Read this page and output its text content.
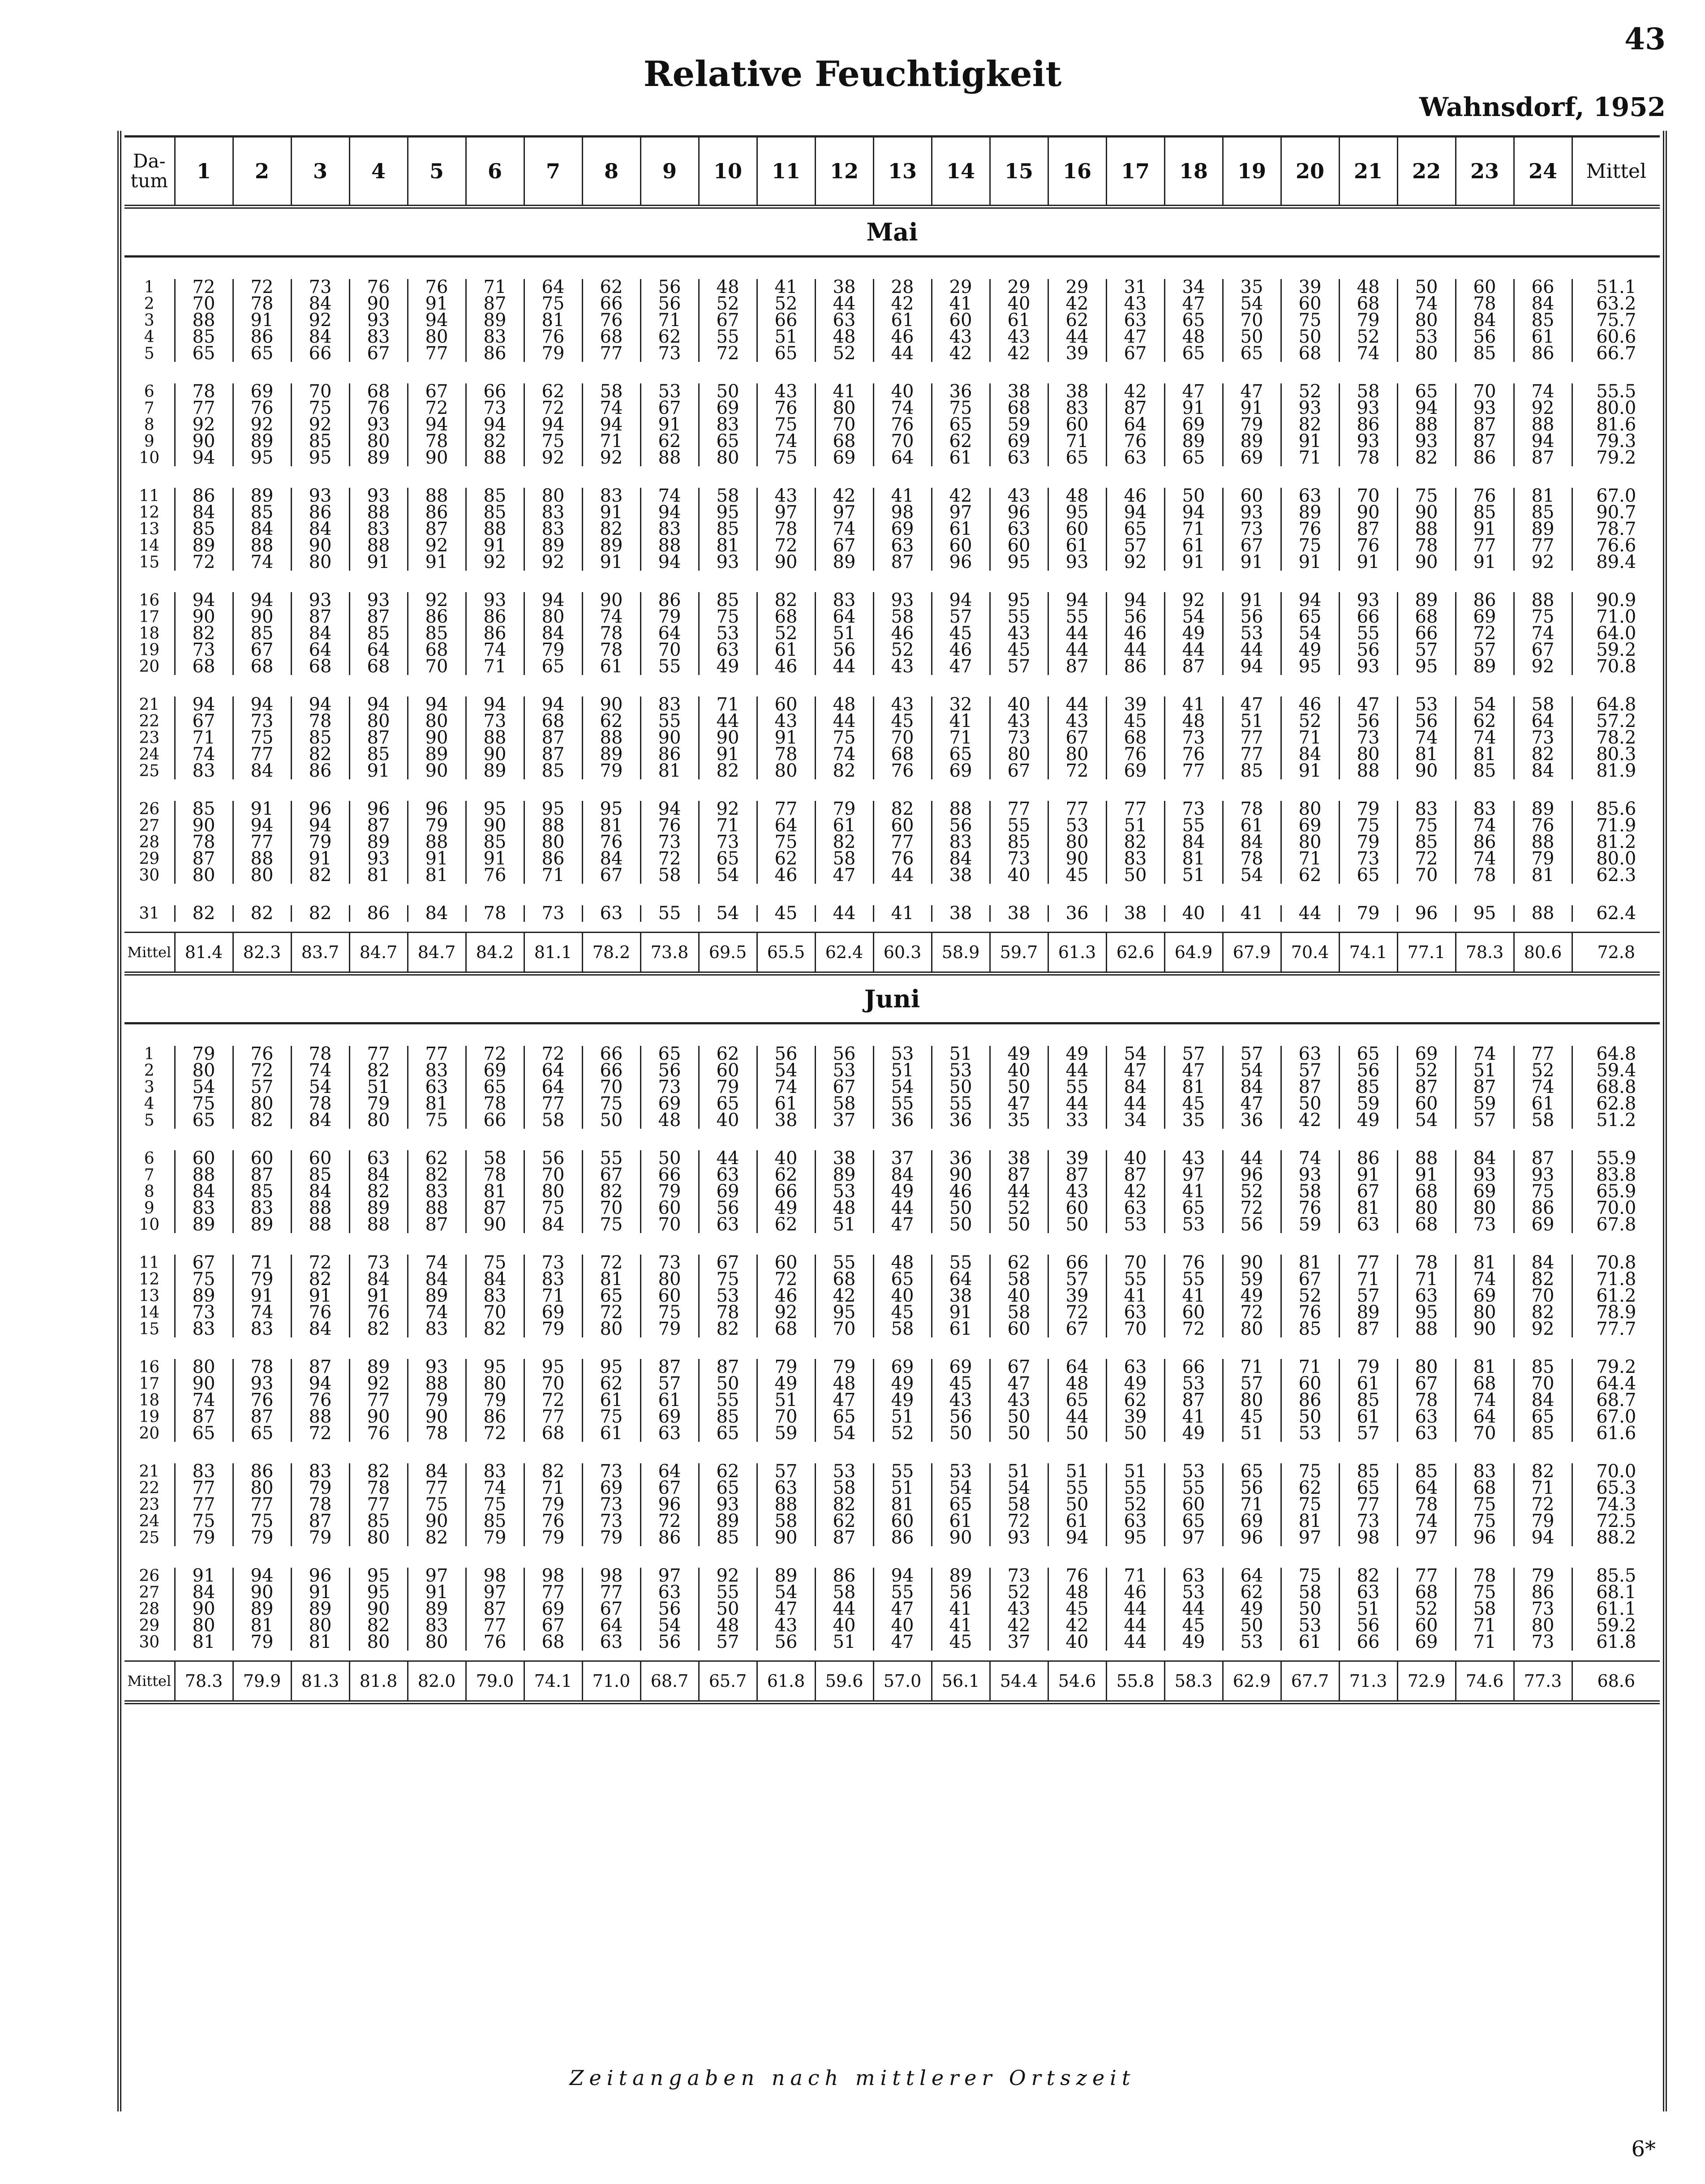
43
Relative Feuchtigkeit
Wahnsdorf, 1952
Da-
tum	1	2	3	4	5	6	7	8	9	10	11	12	13	14	15	16	17	18	19	20	21	22	23	24	Mittel
Mai																									

1	72	72	73	76	76	71	64	62	56	48	41	38	28	29	29	29	31	34	35	39	48	50	60	66	51.1
2	70	78	84	90	91	87	75	66	56	52	52	44	42	41	40	42	43	47	54	60	68	74	78	84	63.2
3	88	91	92	93	94	89	81	76	71	67	66	63	61	60	61	62	63	65	70	75	79	80	84	85	75.7
4	85	86	84	83	80	83	76	68	62	55	51	48	46	43	43	44	47	48	50	50	52	53	56	61	60.6
5	65	65	66	67	77	86	79	77	73	72	65	52	44	42	42	39	67	65	65	68	74	80	85	86	66.7

6	78	69	70	68	67	66	62	58	53	50	43	41	40	36	38	38	42	47	47	52	58	65	70	74	55.5
7	77	76	75	76	72	73	72	74	67	69	76	80	74	75	68	83	87	91	91	93	93	94	93	92	80.0
8	92	92	92	93	94	94	94	94	91	83	75	70	76	65	59	60	64	69	79	82	86	88	87	88	81.6
9	90	89	85	80	78	82	75	71	62	65	74	68	70	62	69	71	76	89	89	91	93	93	87	94	79.3
10	94	95	95	89	90	88	92	92	88	80	75	69	64	61	63	65	63	65	69	71	78	82	86	87	79.2

11	86	89	93	93	88	85	80	83	74	58	43	42	41	42	43	48	46	50	60	63	70	75	76	81	67.0
12	84	85	86	88	86	85	83	91	94	95	97	97	98	97	96	95	94	94	93	89	90	90	85	85	90.7
13	85	84	84	83	87	88	83	82	83	85	78	74	69	61	63	60	65	71	73	76	87	88	91	89	78.7
14	89	88	90	88	92	91	89	89	88	81	72	67	63	60	60	61	57	61	67	75	76	78	77	77	76.6
15	72	74	80	91	91	92	92	91	94	93	90	89	87	96	95	93	92	91	91	91	91	90	91	92	89.4

16	94	94	93	93	92	93	94	90	86	85	82	83	93	94	95	94	94	92	91	94	93	89	86	88	90.9
17	90	90	87	87	86	86	80	74	79	75	68	64	58	57	55	55	56	54	56	65	66	68	69	75	71.0
18	82	85	84	85	85	86	84	78	64	53	52	51	46	45	43	44	46	49	53	54	55	66	72	74	64.0
19	73	67	64	64	68	74	79	78	70	63	61	56	52	46	45	44	44	44	44	49	56	57	57	67	59.2
20	68	68	68	68	70	71	65	61	55	49	46	44	43	47	57	87	86	87	94	95	93	95	89	92	70.8

21	94	94	94	94	94	94	94	90	83	71	60	48	43	32	40	44	39	41	47	46	47	53	54	58	64.8
22	67	73	78	80	80	73	68	62	55	44	43	44	45	41	43	43	45	48	51	52	56	56	62	64	57.2
23	71	75	85	87	90	88	87	88	90	90	91	75	70	71	73	67	68	73	77	71	73	74	74	73	78.2
24	74	77	82	85	89	90	87	89	86	91	78	74	68	65	80	80	76	76	77	84	80	81	81	82	80.3
25	83	84	86	91	90	89	85	79	81	82	80	82	76	69	67	72	69	77	85	91	88	90	85	84	81.9

26	85	91	96	96	96	95	95	95	94	92	77	79	82	88	77	77	77	73	78	80	79	83	83	89	85.6
27	90	94	94	87	79	90	88	81	76	71	64	61	60	56	55	53	51	55	61	69	75	75	74	76	71.9
28	78	77	79	89	88	85	80	76	73	73	75	82	77	83	85	80	82	84	84	80	79	85	86	88	81.2
29	87	88	91	93	91	91	86	84	72	65	62	58	76	84	73	90	83	81	78	71	73	72	74	79	80.0
30	80	80	82	81	81	76	71	67	58	54	46	47	44	38	40	45	50	51	54	62	65	70	78	81	62.3

31	82	82	82	86	84	78	73	63	55	54	45	44	41	38	38	36	38	40	41	44	79	96	95	88	62.4

Mittel	81.4	82.3	83.7	84.7	84.7	84.2	81.1	78.2	73.8	69.5	65.5	62.4	60.3	58.9	59.7	61.3	62.6	64.9	67.9	70.4	74.1	77.1	78.3	80.6	72.8
Juni																									

1	79	76	78	77	77	72	72	66	65	62	56	56	53	51	49	49	54	57	57	63	65	69	74	77	64.8
2	80	72	74	82	83	69	64	66	56	60	54	53	51	53	40	44	47	47	54	57	56	52	51	52	59.4
3	54	57	54	51	63	65	64	70	73	79	74	67	54	50	50	55	84	81	84	87	85	87	87	74	68.8
4	75	80	78	79	81	78	77	75	69	65	61	58	55	55	47	44	44	45	47	50	59	60	59	61	62.8
5	65	82	84	80	75	66	58	50	48	40	38	37	36	36	35	33	34	35	36	42	49	54	57	58	51.2

6	60	60	60	63	62	58	56	55	50	44	40	38	37	36	38	39	40	43	44	74	86	88	84	87	55.9
7	88	87	85	84	82	78	70	67	66	63	62	89	84	90	87	87	87	97	96	93	91	91	93	93	83.8
8	84	85	84	82	83	81	80	82	79	69	66	53	49	46	44	43	42	41	52	58	67	68	69	75	65.9
9	83	83	88	89	88	87	75	70	60	56	49	48	44	50	52	60	63	65	72	76	81	80	80	86	70.0
10	89	89	88	88	87	90	84	75	70	63	62	51	47	50	50	50	53	53	56	59	63	68	73	69	67.8

11	67	71	72	73	74	75	73	72	73	67	60	55	48	55	62	66	70	76	90	81	77	78	81	84	70.8
12	75	79	82	84	84	84	83	81	80	75	72	68	65	64	58	57	55	55	59	67	71	71	74	82	71.8
13	89	91	91	91	89	83	71	65	60	53	46	42	40	38	40	39	41	41	49	52	57	63	69	70	61.2
14	73	74	76	76	74	70	69	72	75	78	92	95	45	91	58	72	63	60	72	76	89	95	80	82	78.9
15	83	83	84	82	83	82	79	80	79	82	68	70	58	61	60	67	70	72	80	85	87	88	90	92	77.7

16	80	78	87	89	93	95	95	95	87	87	79	79	69	69	67	64	63	66	71	71	79	80	81	85	79.2
17	90	93	94	92	88	80	70	62	57	50	49	48	49	45	47	48	49	53	57	60	61	67	68	70	64.4
18	74	76	76	77	79	79	72	61	61	55	51	47	49	43	43	65	62	87	80	86	85	78	74	84	68.7
19	87	87	88	90	90	86	77	75	69	85	70	65	51	56	50	44	39	41	45	50	61	63	64	65	67.0
20	65	65	72	76	78	72	68	61	63	65	59	54	52	50	50	50	50	49	51	53	57	63	70	85	61.6

21	83	86	83	82	84	83	82	73	64	62	57	53	55	53	51	51	51	53	65	75	85	85	83	82	70.0
22	77	80	79	78	77	74	71	69	67	65	63	58	51	54	54	55	55	55	56	62	65	64	68	71	65.3
23	77	77	78	77	75	75	79	73	96	93	88	82	81	65	58	50	52	60	71	75	77	78	75	72	74.3
24	75	75	87	85	90	85	76	73	72	89	58	62	60	61	72	61	63	65	69	81	73	74	75	79	72.5
25	79	79	79	80	82	79	79	79	86	85	90	87	86	90	93	94	95	97	96	97	98	97	96	94	88.2

26	91	94	96	95	97	98	98	98	97	92	89	86	94	89	73	76	71	63	64	75	82	77	78	79	85.5
27	84	90	91	95	91	97	77	77	63	55	54	58	55	56	52	48	46	53	62	58	63	68	75	86	68.1
28	90	89	89	90	89	87	69	67	56	50	47	44	47	41	43	45	44	44	49	50	51	52	58	73	61.1
29	80	81	80	82	83	77	67	64	54	48	43	40	40	41	42	42	44	45	50	53	56	60	71	80	59.2
30	81	79	81	80	80	76	68	63	56	57	56	51	47	45	37	40	44	49	53	61	66	69	71	73	61.8

Mittel	78.3	79.9	81.3	81.8	82.0	79.0	74.1	71.0	68.7	65.7	61.8	59.6	57.0	56.1	54.4	54.6	55.8	58.3	62.9	67.7	71.3	72.9	74.6	77.3	68.6

Zeitangaben nach mittlerer Ortszeit
6*
